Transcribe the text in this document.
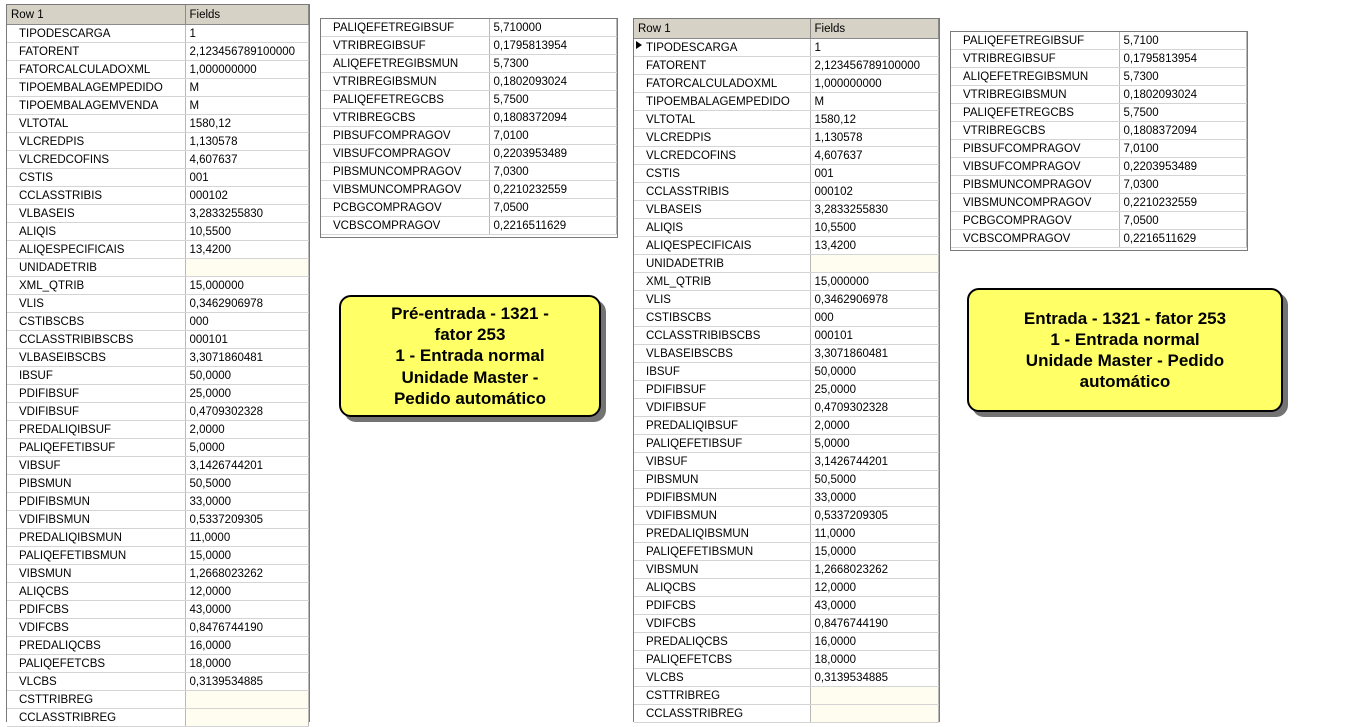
Row 1	Fields
TIPODESCARGA	1
FATORENT	2,123456789100000
FATORCALCULADOXML	1,000000000
TIPOEMBALAGEMPEDIDO	M
TIPOEMBALAGEMVENDA	M
VLTOTAL	1580,12
VLCREDPIS	1,130578
VLCREDCOFINS	4,607637
CSTIS	001
CCLASSTRIBIS	000102
VLBASEIS	3,2833255830
ALIQIS	10,5500
ALIQESPECIFICAIS	13,4200
UNIDADETRIB	
XML_QTRIB	15,000000
VLIS	0,3462906978
CSTIBSCBS	000
CCLASSTRIBIBSCBS	000101
VLBASEIBSCBS	3,3071860481
IBSUF	50,0000
PDIFIBSUF	25,0000
VDIFIBSUF	0,4709302328
PREDALIQIBSUF	2,0000
PALIQEFETIBSUF	5,0000
VIBSUF	3,1426744201
PIBSMUN	50,5000
PDIFIBSMUN	33,0000
VDIFIBSMUN	0,5337209305
PREDALIQIBSMUN	11,0000
PALIQEFETIBSMUN	15,0000
VIBSMUN	1,2668023262
ALIQCBS	12,0000
PDIFCBS	43,0000
VDIFCBS	0,8476744190
PREDALIQCBS	16,0000
PALIQEFETCBS	18,0000
VLCBS	0,3139534885
CSTTRIBREG	
CCLASSTRIBREG	
PALIQEFETREGIBSUF	5,710000
VTRIBREGIBSUF	0,1795813954
ALIQEFETREGIBSMUN	5,7300
VTRIBREGIBSMUN	0,1802093024
PALIQEFETREGCBS	5,7500
VTRIBREGCBS	0,1808372094
PIBSUFCOMPRAGOV	7,0100
VIBSUFCOMPRAGOV	0,2203953489
PIBSMUNCOMPRAGOV	7,0300
VIBSMUNCOMPRAGOV	0,2210232559
PCBGCOMPRAGOV	7,0500
VCBSCOMPRAGOV	0,2216511629
Row 1	Fields
TIPODESCARGA	1
FATORENT	2,123456789100000
FATORCALCULADOXML	1,000000000
TIPOEMBALAGEMPEDIDO	M
VLTOTAL	1580,12
VLCREDPIS	1,130578
VLCREDCOFINS	4,607637
CSTIS	001
CCLASSTRIBIS	000102
VLBASEIS	3,2833255830
ALIQIS	10,5500
ALIQESPECIFICAIS	13,4200
UNIDADETRIB	
XML_QTRIB	15,000000
VLIS	0,3462906978
CSTIBSCBS	000
CCLASSTRIBIBSCBS	000101
VLBASEIBSCBS	3,3071860481
IBSUF	50,0000
PDIFIBSUF	25,0000
VDIFIBSUF	0,4709302328
PREDALIQIBSUF	2,0000
PALIQEFETIBSUF	5,0000
VIBSUF	3,1426744201
PIBSMUN	50,5000
PDIFIBSMUN	33,0000
VDIFIBSMUN	0,5337209305
PREDALIQIBSMUN	11,0000
PALIQEFETIBSMUN	15,0000
VIBSMUN	1,2668023262
ALIQCBS	12,0000
PDIFCBS	43,0000
VDIFCBS	0,8476744190
PREDALIQCBS	16,0000
PALIQEFETCBS	18,0000
VLCBS	0,3139534885
CSTTRIBREG	
CCLASSTRIBREG	
PALIQEFETREGIBSUF	5,7100
VTRIBREGIBSUF	0,1795813954
ALIQEFETREGIBSMUN	5,7300
VTRIBREGIBSMUN	0,1802093024
PALIQEFETREGCBS	5,7500
VTRIBREGCBS	0,1808372094
PIBSUFCOMPRAGOV	7,0100
VIBSUFCOMPRAGOV	0,2203953489
PIBSMUNCOMPRAGOV	7,0300
VIBSMUNCOMPRAGOV	0,2210232559
PCBGCOMPRAGOV	7,0500
VCBSCOMPRAGOV	0,2216511629
Pré-entrada - 1321 -
fator 253
1 - Entrada normal
Unidade Master -
Pedido automático
Entrada - 1321 - fator 253
1 - Entrada normal
Unidade Master - Pedido
automático
